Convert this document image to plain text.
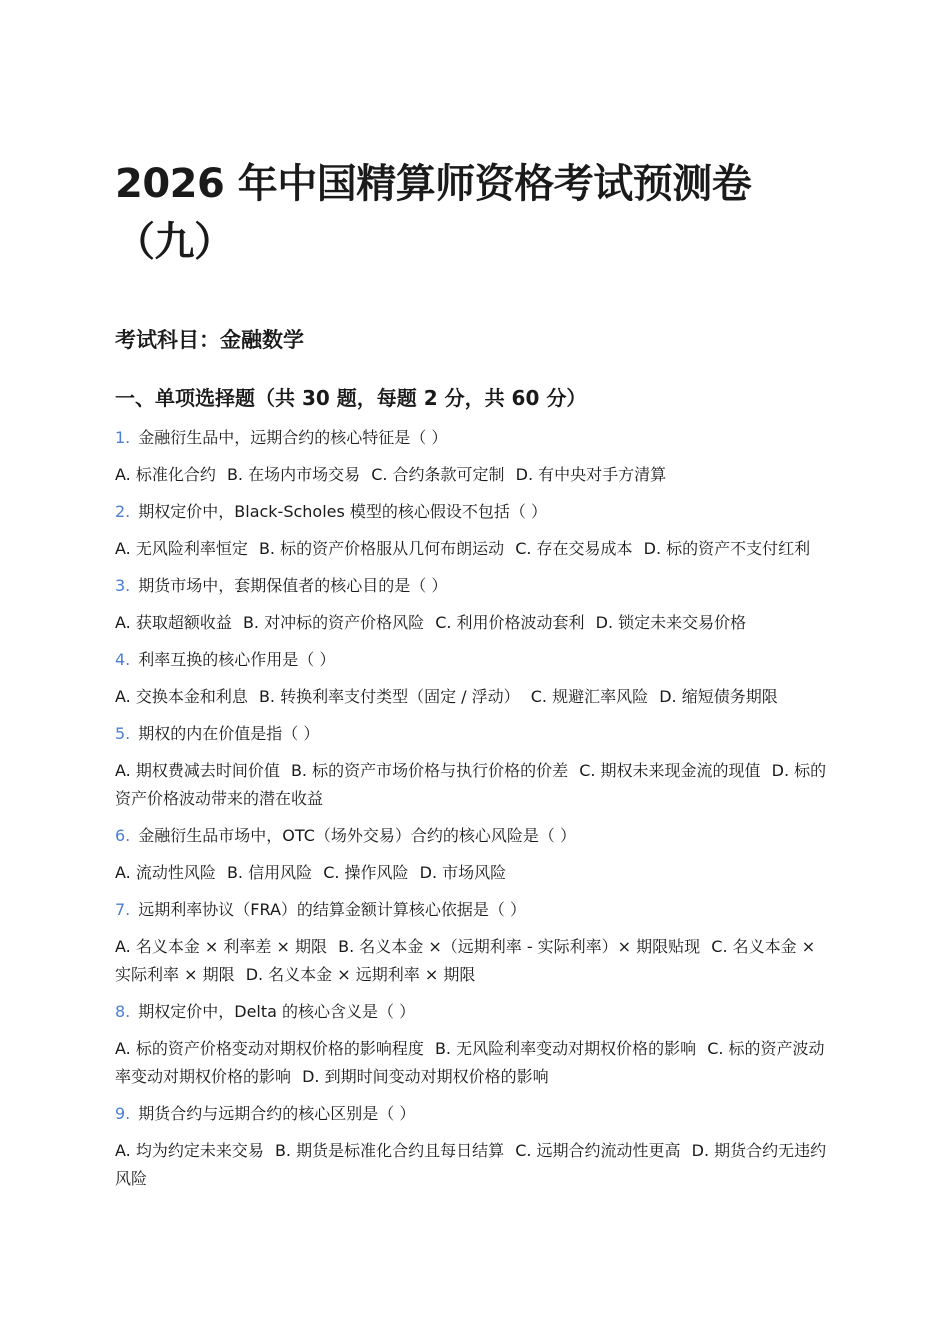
2026 年中国精算师资格考试预测卷（九）
考试科目：金融数学
一、单项选择题（共 30 题，每题 2 分，共 60 分）

1. 金融衍生品中，远期合约的核心特征是（ ）

A. 标准化合约 B. 在场内市场交易 C. 合约条款可定制 D. 有中央对手方清算

2. 期权定价中，Black-Scholes 模型的核心假设不包括（ ）

A. 无风险利率恒定 B. 标的资产价格服从几何布朗运动 C. 存在交易成本 D. 标的资产不支付红利

3. 期货市场中，套期保值者的核心目的是（ ）

A. 获取超额收益 B. 对冲标的资产价格风险 C. 利用价格波动套利 D. 锁定未来交易价格

4. 利率互换的核心作用是（ ）

A. 交换本金和利息 B. 转换利率支付类型（固定 / 浮动） C. 规避汇率风险 D. 缩短债务期限

5. 期权的内在价值是指（ ）

A. 期权费减去时间价值 B. 标的资产市场价格与执行价格的价差 C. 期权未来现金流的现值 D. 标的资产价格波动带来的潜在收益

6. 金融衍生品市场中，OTC（场外交易）合约的核心风险是（ ）

A. 流动性风险 B. 信用风险 C. 操作风险 D. 市场风险

7. 远期利率协议（FRA）的结算金额计算核心依据是（ ）

A. 名义本金 × 利率差 × 期限 B. 名义本金 ×（远期利率 - 实际利率）× 期限贴现 C. 名义本金 × 实际利率 × 期限 D. 名义本金 × 远期利率 × 期限

8. 期权定价中，Delta 的核心含义是（ ）

A. 标的资产价格变动对期权价格的影响程度 B. 无风险利率变动对期权价格的影响 C. 标的资产波动率变动对期权价格的影响 D. 到期时间变动对期权价格的影响

9. 期货合约与远期合约的核心区别是（ ）

A. 均为约定未来交易 B. 期货是标准化合约且每日结算 C. 远期合约流动性更高 D. 期货合约无违约风险
